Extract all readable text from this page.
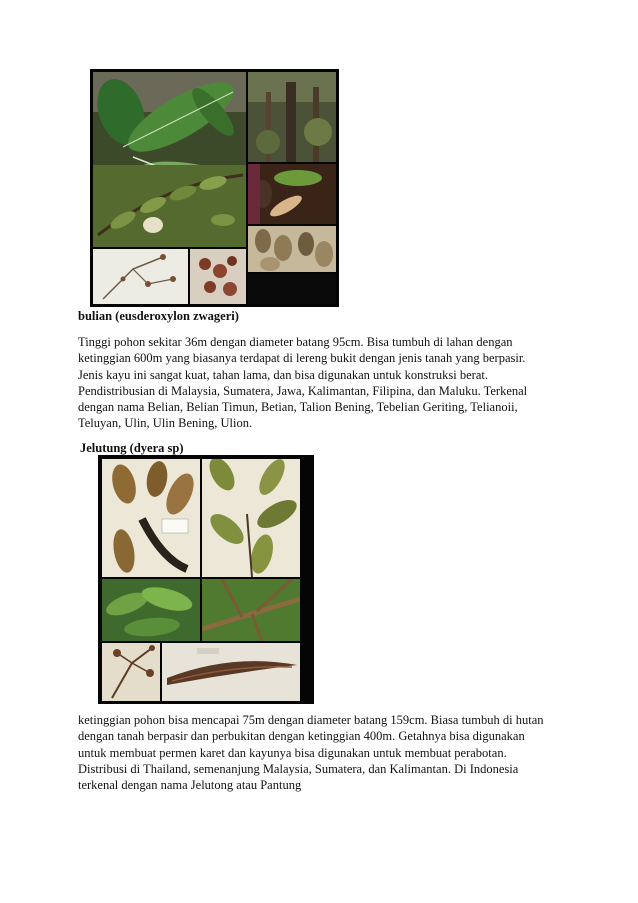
bulian (eusderoxylon zwageri)
Tinggi pohon sekitar 36m dengan diameter batang 95cm. Bisa tumbuh di lahan dengan
ketinggian 600m yang biasanya terdapat di lereng bukit dengan jenis tanah yang berpasir.
Jenis kayu ini sangat kuat, tahan lama, dan bisa digunakan untuk konstruksi berat.
Pendistribusian di Malaysia, Sumatera, Jawa, Kalimantan, Filipina, dan Maluku. Terkenal
dengan nama Belian, Belian Timun, Betian, Talion Bening, Tebelian Geriting, Telianoii,
Teluyan, Ulin, Ulin Bening, Ulion.
Jelutung (dyera sp)
ketinggian pohon bisa mencapai 75m dengan diameter batang 159cm. Biasa tumbuh di hutan
dengan tanah berpasir dan perbukitan dengan ketinggian 400m. Getahnya bisa digunakan
untuk membuat permen karet dan kayunya bisa digunakan untuk membuat perabotan.
Distribusi di Thailand, semenanjung Malaysia, Sumatera, dan Kalimantan. Di Indonesia
terkenal dengan nama Jelutong atau Pantung
